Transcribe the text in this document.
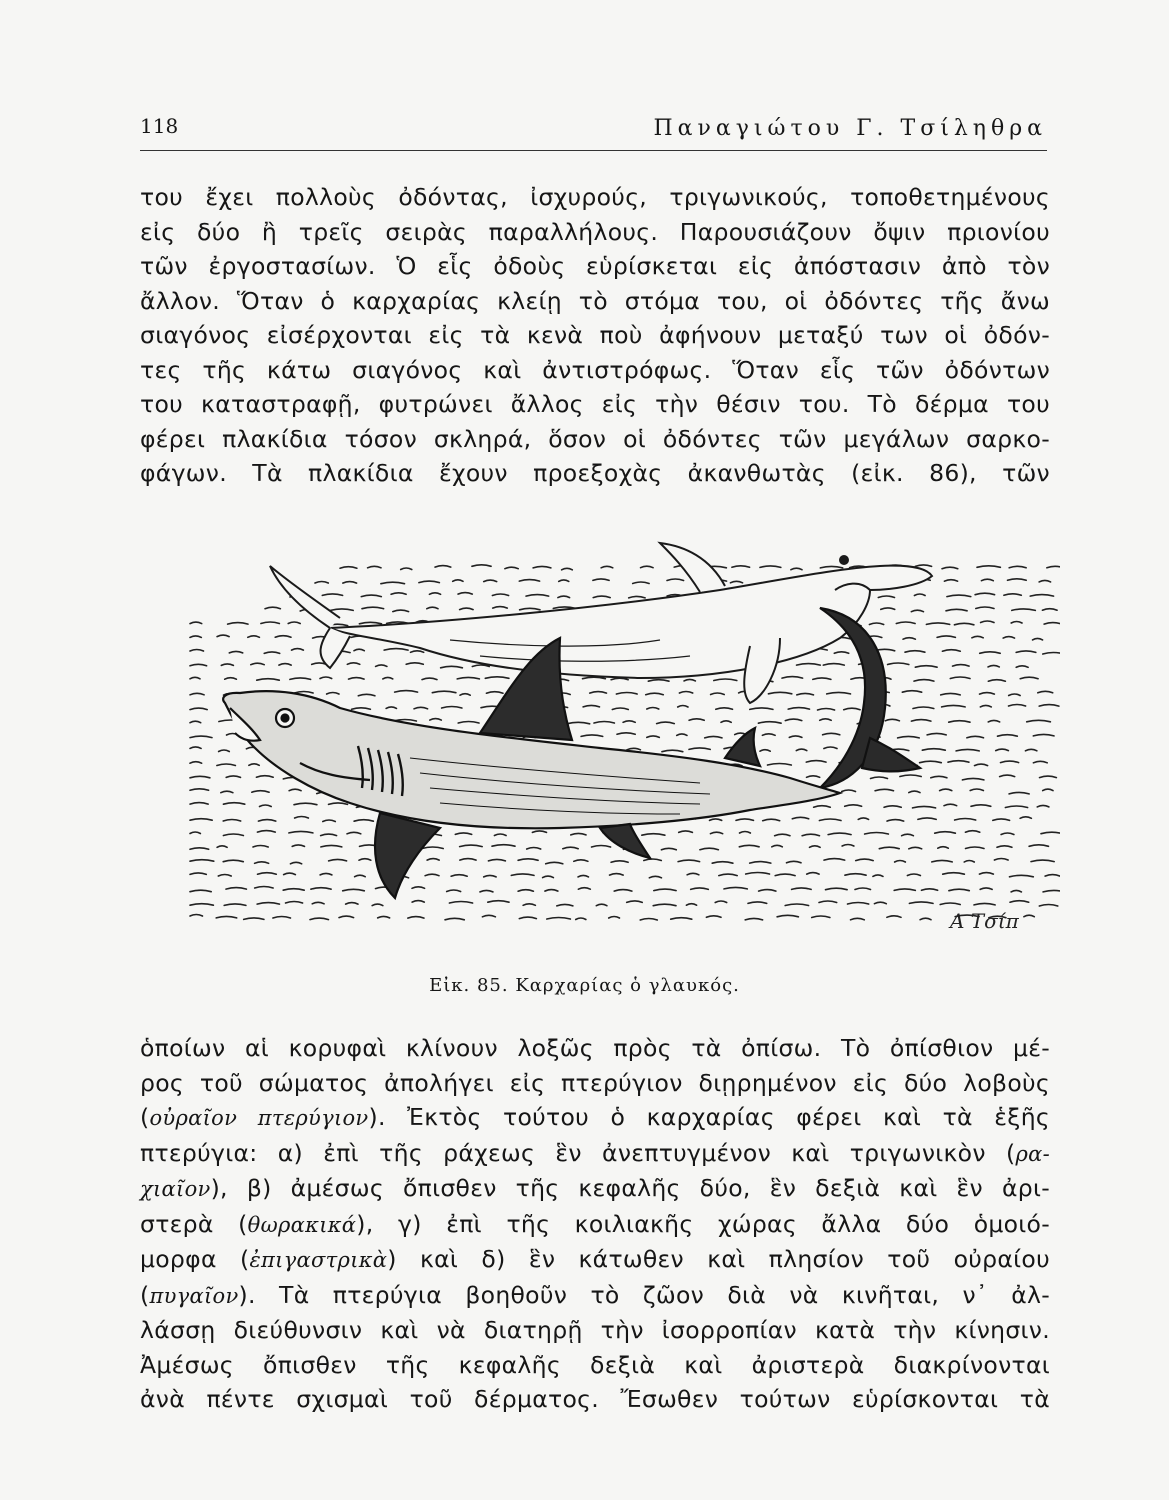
118	Παναγιώτου Γ. Τσίληθρα
του ἔχει πολλοὺς ὀδόντας, ἰσχυρούς, τριγωνικούς, τοποθετημένους
εἰς δύο ἢ τρεῖς σειρὰς παραλλήλους. Παρουσιάζουν ὄψιν πριονίου
τῶν ἐργοστασίων. Ὁ εἷς ὀδοὺς εὑρίσκεται εἰς ἀπόστασιν ἀπὸ τὸν
ἄλλον. Ὅταν ὁ καρχαρίας κλείῃ τὸ στόμα του, οἱ ὀδόντες τῆς ἄνω
σιαγόνος εἰσέρχονται εἰς τὰ κενὰ ποὺ ἀφήνουν μεταξύ των οἱ ὀδόν-
τες τῆς κάτω σιαγόνος καὶ ἀντιστρόφως. Ὅταν εἷς τῶν ὀδόντων
του καταστραφῇ, φυτρώνει ἄλλος εἰς τὴν θέσιν του. Τὸ δέρμα του
φέρει πλακίδια τόσον σκληρά, ὅσον οἱ ὀδόντες τῶν μεγάλων σαρκο-
φάγων. Τὰ πλακίδια ἔχουν προεξοχὰς ἀκανθωτὰς (εἰκ. 86), τῶν
Α Τσίπ
Εἰκ. 85. Καρχαρίας ὁ γλαυκός.
ὁποίων αἱ κορυφαὶ κλίνουν λοξῶς πρὸς τὰ ὀπίσω. Τὸ ὀπίσθιον μέ-
ρος τοῦ σώματος ἀπολήγει εἰς πτερύγιον διῃρημένον εἰς δύο λοβοὺς
(οὐραῖον πτερύγιον). Ἐκτὸς τούτου ὁ καρχαρίας φέρει καὶ τὰ ἑξῆς
πτερύγια: α) ἐπὶ τῆς ράχεως ἓν ἀνεπτυγμένον καὶ τριγωνικὸν (ρα-
χιαῖον), β) ἀμέσως ὄπισθεν τῆς κεφαλῆς δύο, ἓν δεξιὰ καὶ ἓν ἀρι-
στερὰ (θωρακικά), γ) ἐπὶ τῆς κοιλιακῆς χώρας ἄλλα δύο ὁμοιό-
μορφα (ἐπιγαστρικὰ) καὶ δ) ἓν κάτωθεν καὶ πλησίον τοῦ οὐραίου
(πυγαῖον). Τὰ πτερύγια βοηθοῦν τὸ ζῶον διὰ νὰ κινῆται, ν᾿ ἀλ-
λάσσῃ διεύθυνσιν καὶ νὰ διατηρῇ τὴν ἰσορροπίαν κατὰ τὴν κίνησιν.
Ἀμέσως ὄπισθεν τῆς κεφαλῆς δεξιὰ καὶ ἀριστερὰ διακρίνονται
ἀνὰ πέντε σχισμαὶ τοῦ δέρματος. Ἔσωθεν τούτων εὑρίσκονται τὰ
